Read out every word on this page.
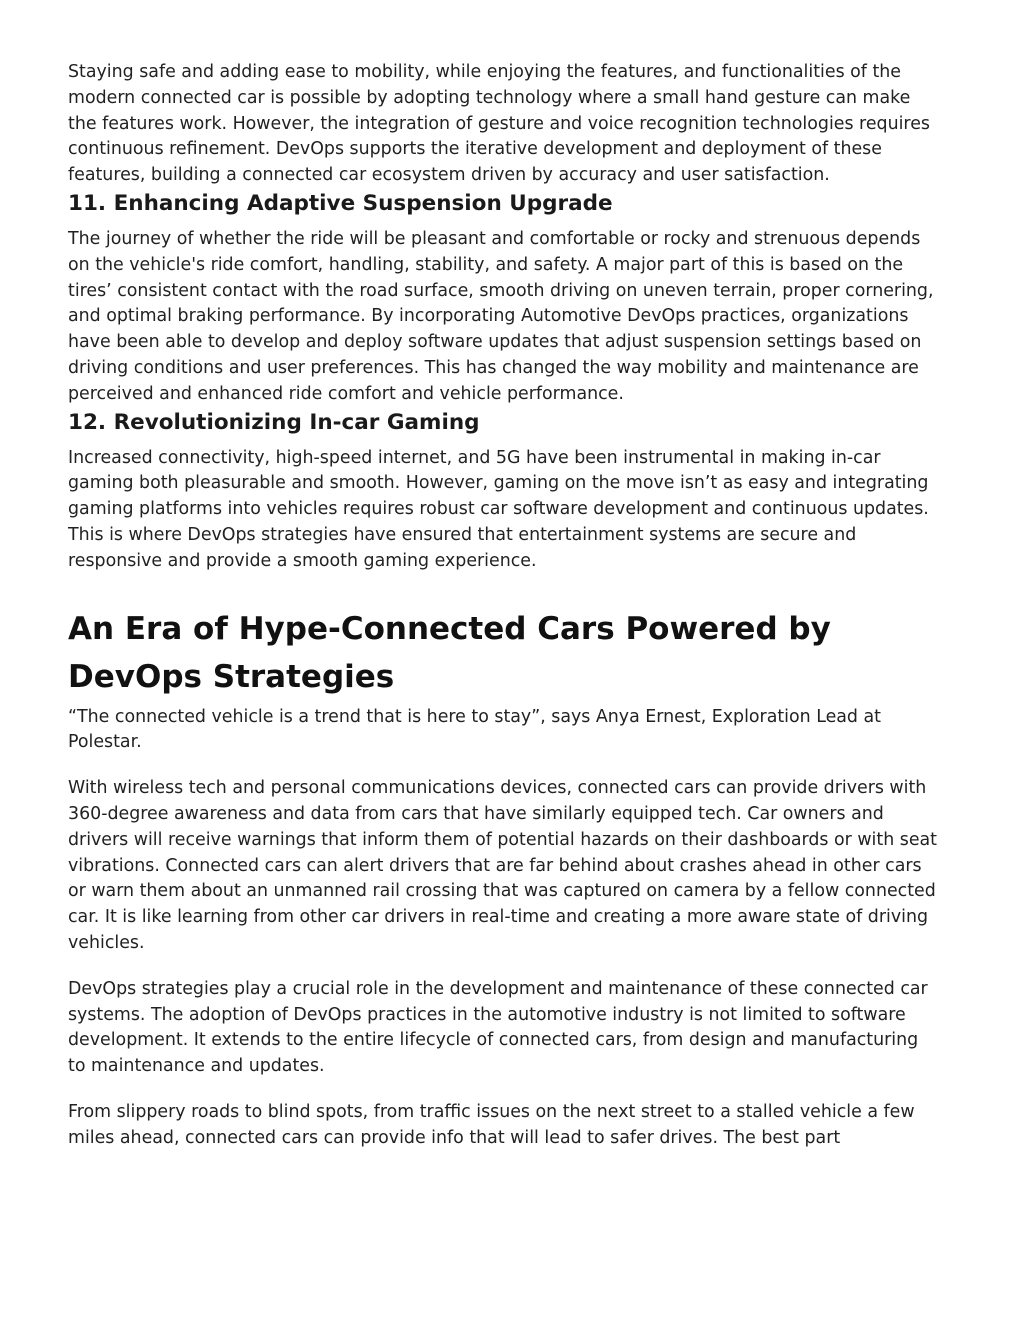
Staying safe and adding ease to mobility, while enjoying the features, and functionalities of the modern connected car is possible by adopting technology where a small hand gesture can make the features work. However, the integration of gesture and voice recognition technologies requires continuous refinement. DevOps supports the iterative development and deployment of these features, building a connected car ecosystem driven by accuracy and user satisfaction.

11. Enhancing Adaptive Suspension Upgrade

The journey of whether the ride will be pleasant and comfortable or rocky and strenuous depends on the vehicle's ride comfort, handling, stability, and safety. A major part of this is based on the tires’ consistent contact with the road surface, smooth driving on uneven terrain, proper cornering, and optimal braking performance. By incorporating Automotive DevOps practices, organizations have been able to develop and deploy software updates that adjust suspension settings based on driving conditions and user preferences. This has changed the way mobility and maintenance are perceived and enhanced ride comfort and vehicle performance.

12. Revolutionizing In-car Gaming

Increased connectivity, high-speed internet, and 5G have been instrumental in making in-car gaming both pleasurable and smooth. However, gaming on the move isn’t as easy and integrating gaming platforms into vehicles requires robust car software development and continuous updates. This is where DevOps strategies have ensured that entertainment systems are secure and responsive and provide a smooth gaming experience.

An Era of Hype-Connected Cars Powered by DevOps Strategies

“The connected vehicle is a trend that is here to stay”, says Anya Ernest, Exploration Lead at Polestar.

With wireless tech and personal communications devices, connected cars can provide drivers with 360-degree awareness and data from cars that have similarly equipped tech. Car owners and drivers will receive warnings that inform them of potential hazards on their dashboards or with seat vibrations. Connected cars can alert drivers that are far behind about crashes ahead in other cars or warn them about an unmanned rail crossing that was captured on camera by a fellow connected car. It is like learning from other car drivers in real-time and creating a more aware state of driving vehicles.

DevOps strategies play a crucial role in the development and maintenance of these connected car systems. The adoption of DevOps practices in the automotive industry is not limited to software development. It extends to the entire lifecycle of connected cars, from design and manufacturing to maintenance and updates.

From slippery roads to blind spots, from traffic issues on the next street to a stalled vehicle a few miles ahead, connected cars can provide info that will lead to safer drives. The best part
